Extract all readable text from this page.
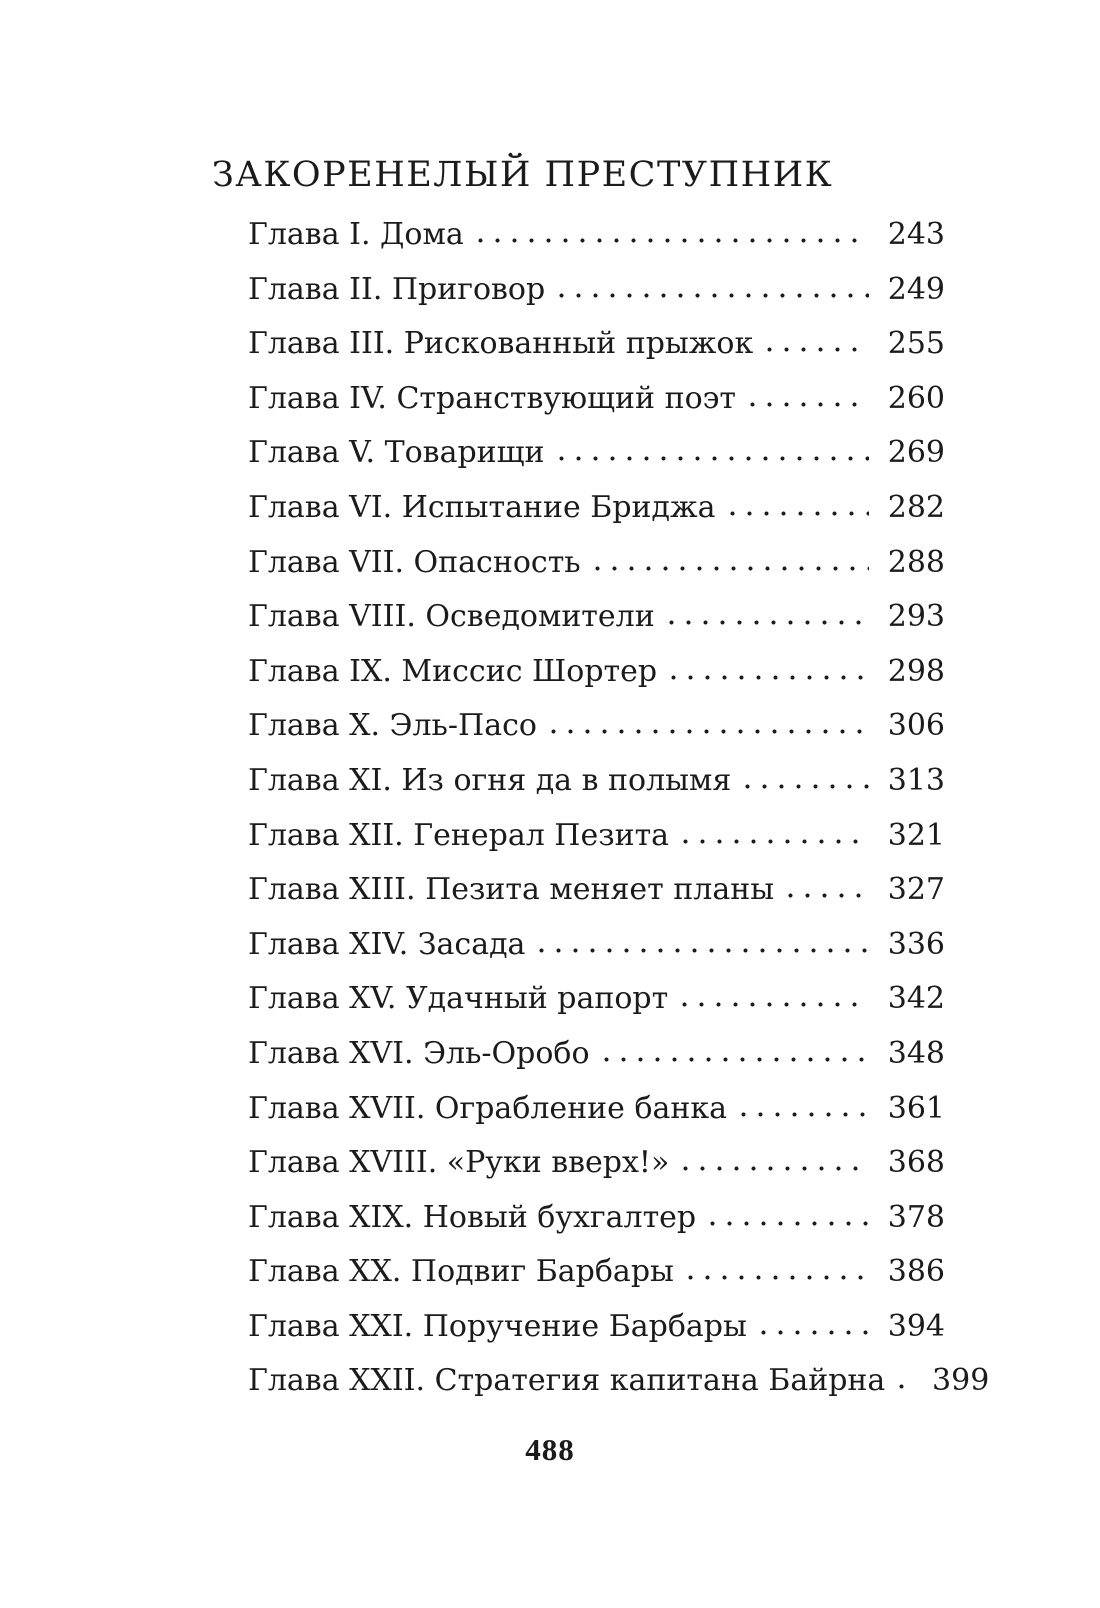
ЗАКОРЕНЕЛЫЙ ПРЕСТУПНИК
Глава I. Дома	243
Глава II. Приговор	249
Глава III. Рискованный прыжок	255
Глава IV. Странствующий поэт	260
Глава V. Товарищи	269
Глава VI. Испытание Бриджа	282
Глава VII. Опасность	288
Глава VIII. Осведомители	293
Глава IX. Миссис Шортер	298
Глава X. Эль-Пасо	306
Глава XI. Из огня да в полымя	313
Глава XII. Генерал Пезита	321
Глава XIII. Пезита меняет планы	327
Глава XIV. Засада	336
Глава XV. Удачный рапорт	342
Глава XVI. Эль-Оробо	348
Глава XVII. Ограбление банка	361
Глава XVIII. «Руки вверх!»	368
Глава XIX. Новый бухгалтер	378
Глава XX. Подвиг Барбары	386
Глава XXI. Поручение Барбары	394
Глава XXII. Стратегия капитана Байрна 399
488
